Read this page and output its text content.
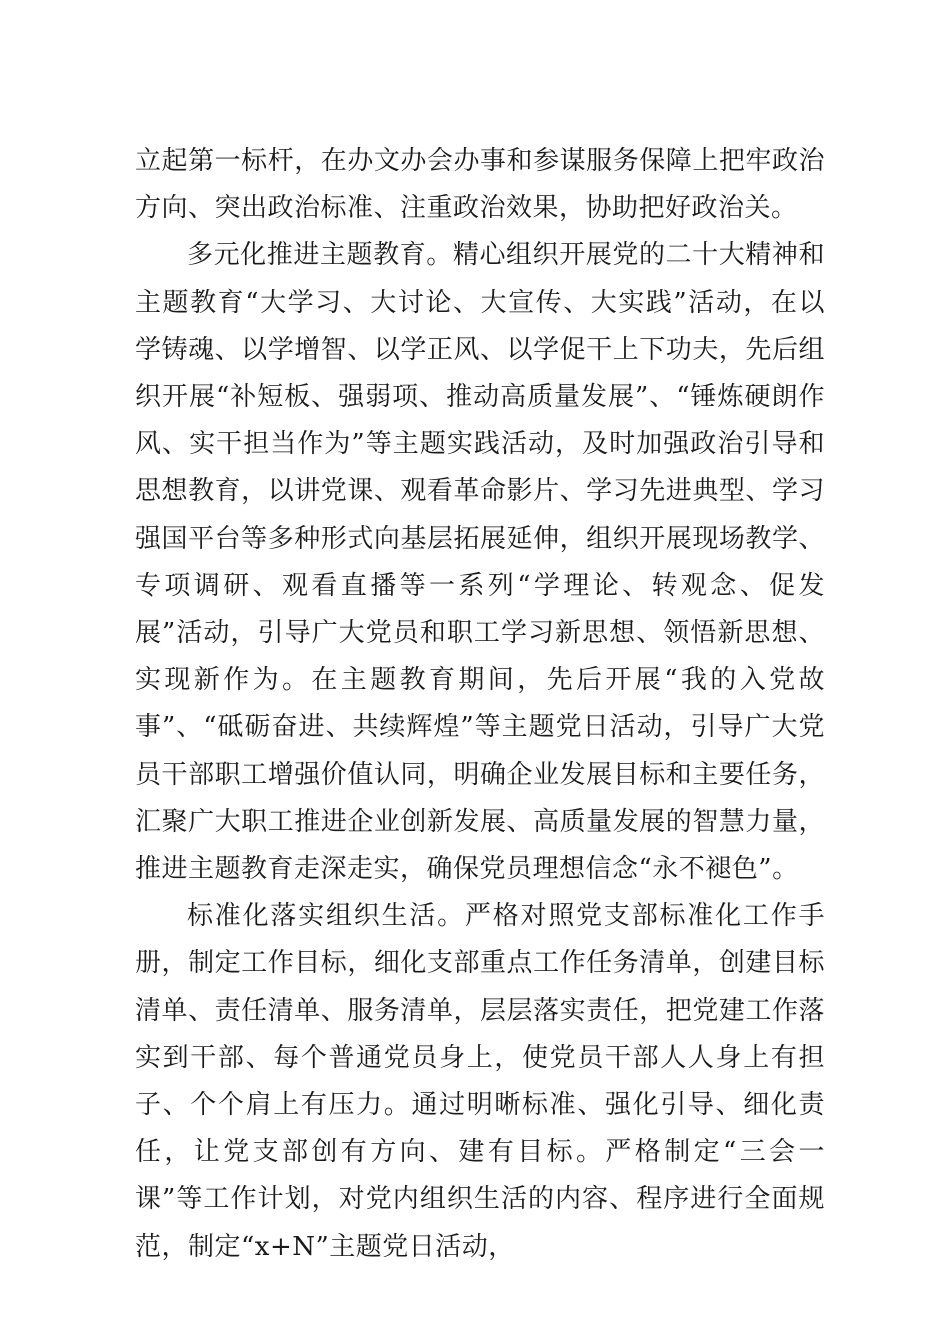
立起第一标杆，在办文办会办事和参谋服务保障上把牢政治方向、突出政治标准、注重政治效果，协助把好政治关。

多元化推进主题教育。精心组织开展党的二十大精神和主题教育“大学习、大讨论、大宣传、大实践”活动，在以学铸魂、以学增智、以学正风、以学促干上下功夫，先后组织开展“补短板、强弱项、推动高质量发展”、“锤炼硬朗作风、实干担当作为”等主题实践活动，及时加强政治引导和思想教育，以讲党课、观看革命影片、学习先进典型、学习强国平台等多种形式向基层拓展延伸，组织开展现场教学、专项调研、观看直播等一系列“学理论、转观念、促发展”活动，引导广大党员和职工学习新思想、领悟新思想、实现新作为。在主题教育期间，先后开展“我的入党故事”、“砥砺奋进、共续辉煌”等主题党日活动，引导广大党员干部职工增强价值认同，明确企业发展目标和主要任务，汇聚广大职工推进企业创新发展、高质量发展的智慧力量，推进主题教育走深走实，确保党员理想信念“永不褪色”。

标准化落实组织生活。严格对照党支部标准化工作手册，制定工作目标，细化支部重点工作任务清单，创建目标清单、责任清单、服务清单，层层落实责任，把党建工作落实到干部、每个普通党员身上，使党员干部人人身上有担子、个个肩上有压力。通过明晰标准、强化引导、细化责任，让党支部创有方向、建有目标。严格制定“三会一课”等工作计划，对党内组织生活的内容、程序进行全面规范，制定“x+N”主题党日活动，
